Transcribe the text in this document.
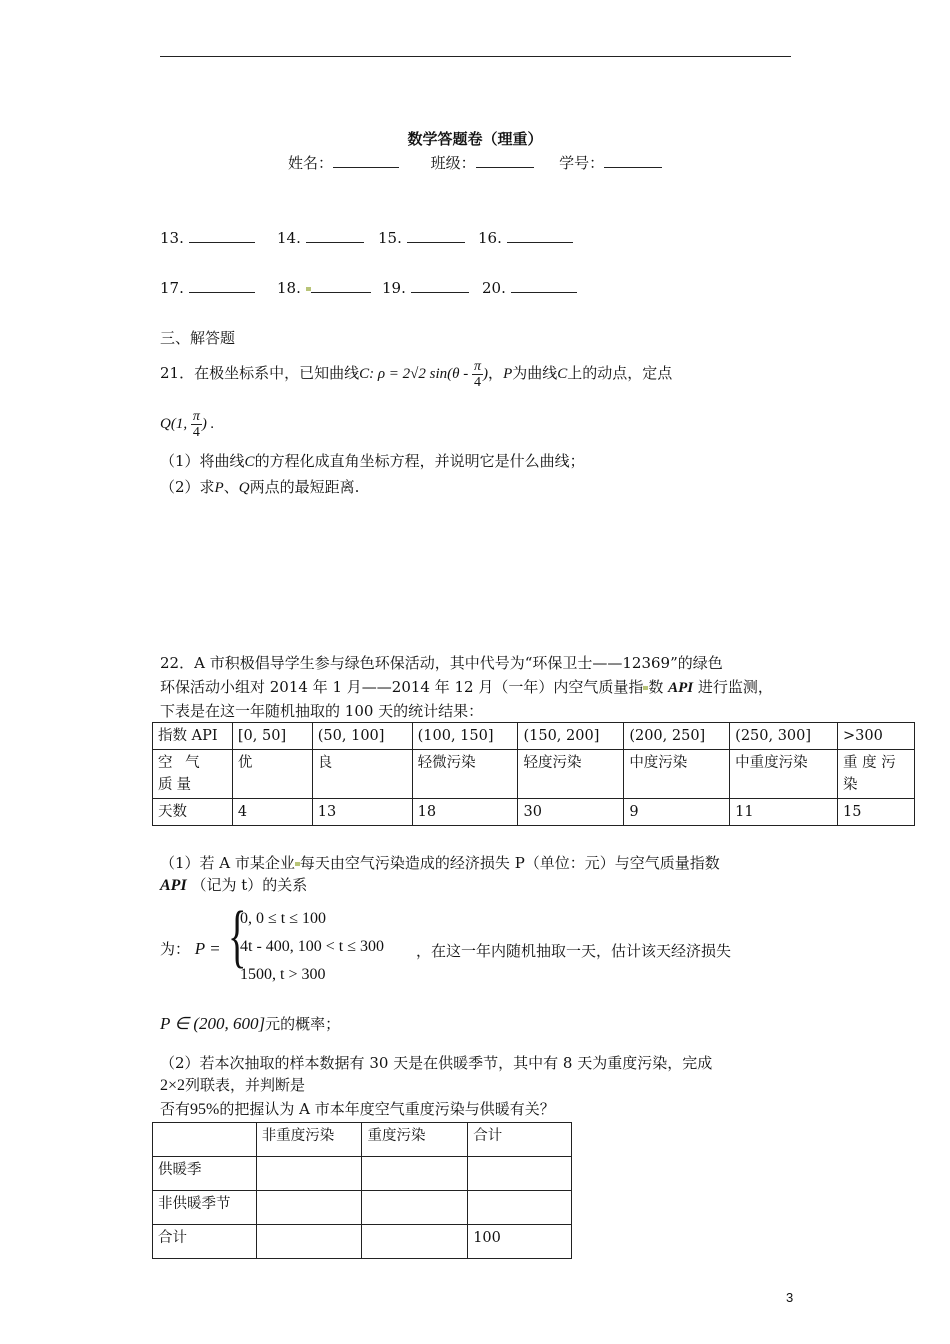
数学答题卷（理重）
姓名：	班级：	学号：
13.	14.	15.	16.
17.	18.	19.	20.
三、解答题
21．在极坐标系中，已知曲线C: ρ = 2√2 $\sin(\theta - \frac{\pi}{4}$ )，P为曲线C上的动点，定点
Q(1, $\frac{\pi}{4}$ ) .
（1）将曲线C的方程化成直角坐标方程，并说明它是什么曲线；
（2）求P、Q两点的最短距离.
22．A 市积极倡导学生参与绿色环保活动，其中代号为“环保卫士——12369”的绿色
环保活动小组对 2014 年 1 月——2014 年 12 月（一年）内空气质量指 数 API 进行监测，
下表是在这一年随机抽取的 100 天的统计结果：
指数 API	[0, 50]	(50, 100]	(100, 150]	(150, 200]	(200, 250]	(250, 300]	>300
空 气 质量	优	良	轻微污染	轻度污染	中度污染	中重度污染	重 度 污染
天数	4	13	18	30	9	11	15
（1）若 A 市某企业 每天由空气污染造成的经济损失 P（单位：元）与空气质量指数
API （记为 t）的关系
为： P = {
0, 0 ≤ t ≤ 100
4t - 400, 100 < t ≤ 300
1500, t > 300
，在这一年内随机抽取一天，估计该天经济损失
P ∈ (200, 600]元的概率；
（2）若本次抽取的样本数据有 30 天是在供暖季节，其中有 8 天为重度污染，完成
2×2列联表，并判断是
否有95%的把握认为 A 市本年度空气重度污染与供暖有关？
	非重度污染	重度污染	合计
供暖季			
非供暖季节			
合计			100
3
